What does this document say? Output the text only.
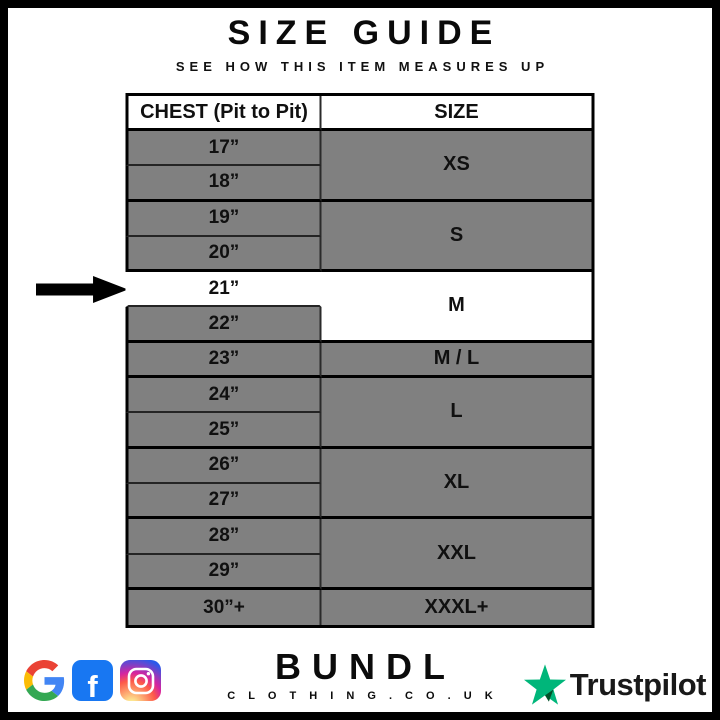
SIZE GUIDE
SEE HOW THIS ITEM MEASURES UP
CHEST (Pit to Pit)	SIZE
17”
18”
19”
20”
21”
22”
23”
24”
25”
26”
27”
28”
29”
30”+
XS
S
M
M / L
L
XL
XXL
XXXL+
f	BUNDL
C L O T H I N G . C O . U K Trustpilot
